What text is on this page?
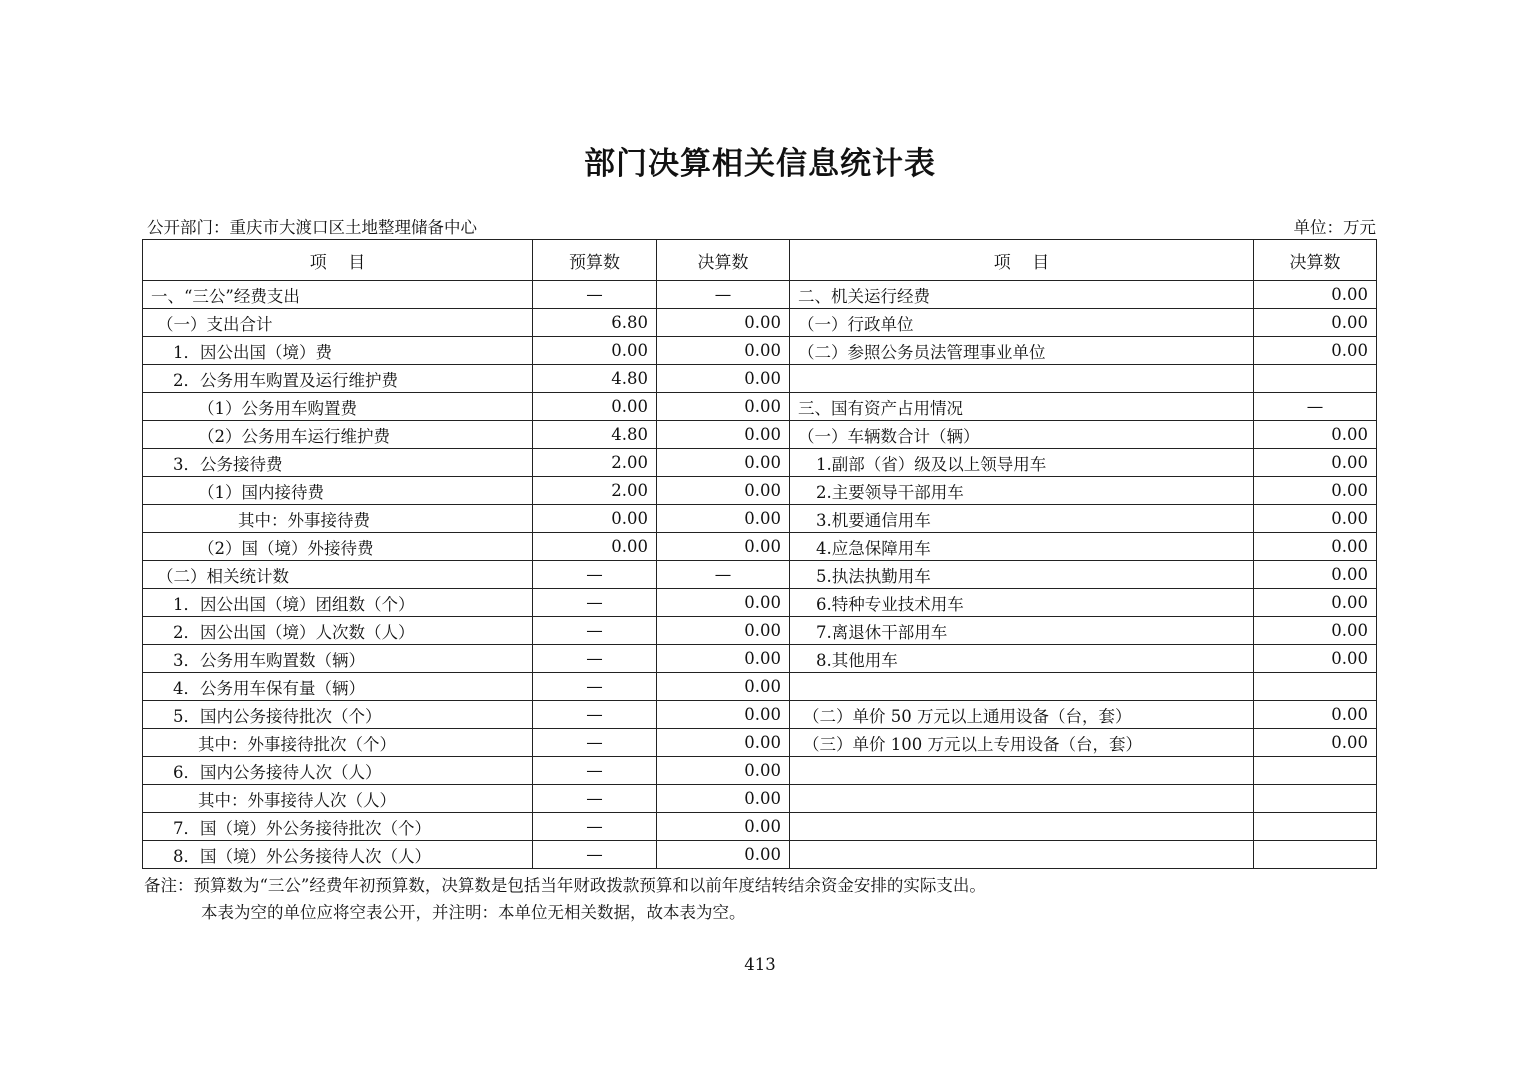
部门决算相关信息统计表
公开部门：重庆市大渡口区土地整理储备中心	单位：万元
项    目	预算数	决算数	项    目	决算数
一、“三公”经费支出	—	—	二、机关运行经费	0.00
（一）支出合计	6.80	0.00	（一）行政单位	0.00
1．因公出国（境）费	0.00	0.00	（二）参照公务员法管理事业单位	0.00
2．公务用车购置及运行维护费	4.80	0.00		
（1）公务用车购置费	0.00	0.00	三、国有资产占用情况	—
（2）公务用车运行维护费	4.80	0.00	（一）车辆数合计（辆）	0.00
3．公务接待费	2.00	0.00	1.副部（省）级及以上领导用车	0.00
（1）国内接待费	2.00	0.00	2.主要领导干部用车	0.00
其中：外事接待费	0.00	0.00	3.机要通信用车	0.00
（2）国（境）外接待费	0.00	0.00	4.应急保障用车	0.00
（二）相关统计数	—	—	5.执法执勤用车	0.00
1．因公出国（境）团组数（个）	—	0.00	6.特种专业技术用车	0.00
2．因公出国（境）人次数（人）	—	0.00	7.离退休干部用车	0.00
3．公务用车购置数（辆）	—	0.00	8.其他用车	0.00
4．公务用车保有量（辆）	—	0.00		
5．国内公务接待批次（个）	—	0.00	（二）单价 50 万元以上通用设备（台，套）	0.00
其中：外事接待批次（个）	—	0.00	（三）单价 100 万元以上专用设备（台，套）	0.00
6．国内公务接待人次（人）	—	0.00		
其中：外事接待人次（人）	—	0.00		
7．国（境）外公务接待批次（个）	—	0.00		
8．国（境）外公务接待人次（人）	—	0.00		
备注：预算数为“三公”经费年初预算数，决算数是包括当年财政拨款预算和以前年度结转结余资金安排的实际支出。
本表为空的单位应将空表公开，并注明：本单位无相关数据，故本表为空。
413
